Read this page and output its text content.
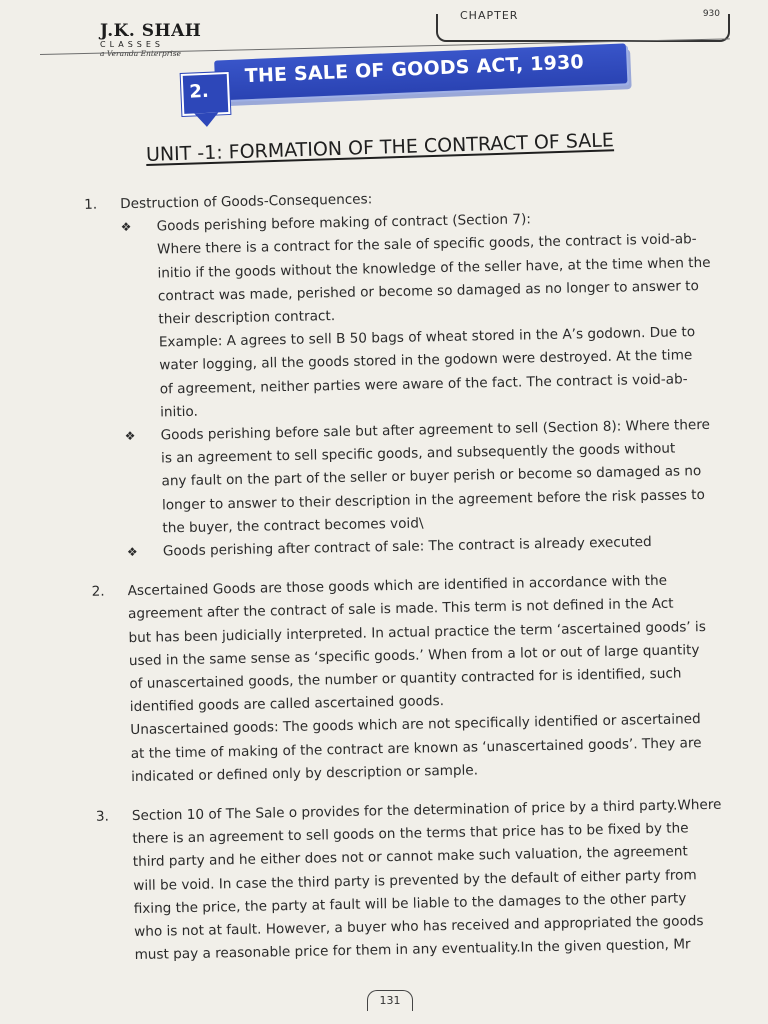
J.K. SHAH
CLASSES
a Veranda Enterprise
CHAPTER	930
THE SALE OF GOODS ACT, 1930
2.
UNIT -1: FORMATION OF THE CONTRACT OF SALE
1. Destruction of Goods-Consequences:
❖ Goods perishing before making of contract (Section 7):
Where there is a contract for the sale of specific goods, the contract is void-ab-
initio if the goods without the knowledge of the seller have, at the time when the
contract was made, perished or become so damaged as no longer to answer to
their description contract.
Example: A agrees to sell B 50 bags of wheat stored in the A’s godown. Due to
water logging, all the goods stored in the godown were destroyed. At the time
of agreement, neither parties were aware of the fact. The contract is void-ab-
initio.
❖ Goods perishing before sale but after agreement to sell (Section 8): Where there
is an agreement to sell specific goods, and subsequently the goods without
any fault on the part of the seller or buyer perish or become so damaged as no
longer to answer to their description in the agreement before the risk passes to
the buyer, the contract becomes void\
❖ Goods perishing after contract of sale: The contract is already executed
2. Ascertained Goods are those goods which are identified in accordance with the
agreement after the contract of sale is made. This term is not defined in the Act
but has been judicially interpreted. In actual practice the term ‘ascertained goods’ is
used in the same sense as ‘specific goods.’ When from a lot or out of large quantity
of unascertained goods, the number or quantity contracted for is identified, such
identified goods are called ascertained goods.
Unascertained goods: The goods which are not specifically identified or ascertained
at the time of making of the contract are known as ‘unascertained goods’. They are
indicated or defined only by description or sample.
3. Section 10 of The Sale o provides for the determination of price by a third party.Where
there is an agreement to sell goods on the terms that price has to be fixed by the
third party and he either does not or cannot make such valuation, the agreement
will be void. In case the third party is prevented by the default of either party from
fixing the price, the party at fault will be liable to the damages to the other party
who is not at fault. However, a buyer who has received and appropriated the goods
must pay a reasonable price for them in any eventuality.In the given question, Mr
131
